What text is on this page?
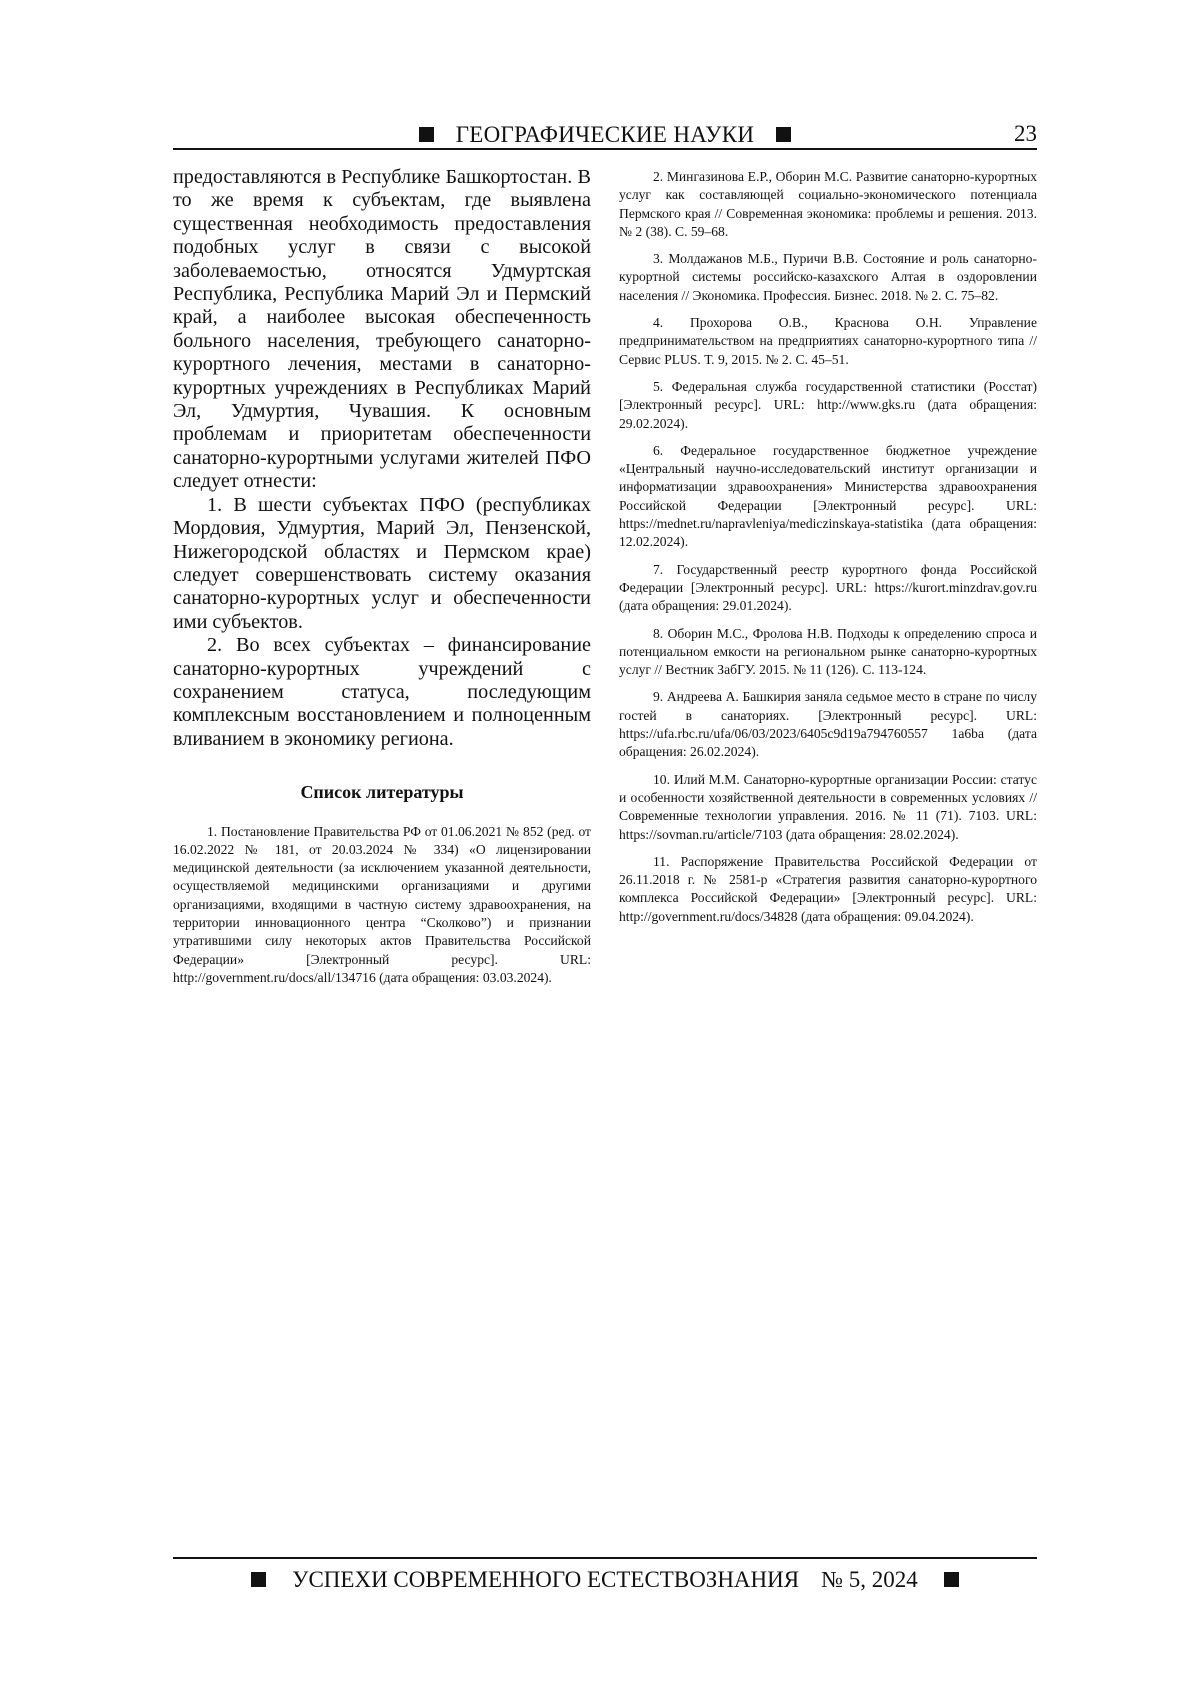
ГЕОГРАФИЧЕСКИЕ НАУКИ	23

предоставляются в Республике Башкортостан. В то же время к субъектам, где выявлена существенная необходимость предоставления подобных услуг в связи с высокой заболеваемостью, относятся Удмуртская Республика, Республика Марий Эл и Пермский край, а наиболее высокая обеспеченность больного населения, требующего санаторно-курортного лечения, местами в санаторно-курортных учреждениях в Республиках Марий Эл, Удмуртия, Чувашия. К основным проблемам и приоритетам обеспеченности санаторно-курортными услугами жителей ПФО следует отнести:

1. В шести субъектах ПФО (республиках Мордовия, Удмуртия, Марий Эл, Пензенской, Нижегородской областях и Пермском крае) следует совершенствовать систему оказания санаторно-курортных услуг и обеспеченности ими субъектов.

2. Во всех субъектах – финансирование санаторно-курортных учреждений с сохранением статуса, последующим комплексным восстановлением и полноценным вливанием в экономику региона.

Список литературы

1. Постановление Правительства РФ от 01.06.2021 № 852 (ред. от 16.02.2022 № 181, от 20.03.2024 № 334) «О лицензировании медицинской деятельности (за исключением указанной деятельности, осуществляемой медицинскими организациями и другими организациями, входящими в частную систему здравоохранения, на территории инновационного центра “Сколково”) и признании утратившими силу некоторых актов Правительства Российской Федерации» [Электронный ресурс]. URL: http://government.ru/docs/all/134716 (дата обращения: 03.03.2024).

2. Мингазинова Е.Р., Оборин М.С. Развитие санаторно-курортных услуг как составляющей социально-экономического потенциала Пермского края // Современная экономика: проблемы и решения. 2013. № 2 (38). С. 59–68.

3. Молдажанов М.Б., Пуричи В.В. Состояние и роль санаторно-курортной системы российско-казахского Алтая в оздоровлении населения // Экономика. Профессия. Бизнес. 2018. № 2. С. 75–82.

4. Прохорова О.В., Краснова О.Н. Управление предпринимательством на предприятиях санаторно-курортного типа // Сервис PLUS. Т. 9, 2015. № 2. С. 45–51.

5. Федеральная служба государственной статистики (Росстат) [Электронный ресурс]. URL: http://www.gks.ru (дата обращения: 29.02.2024).

6. Федеральное государственное бюджетное учреждение «Центральный научно-исследовательский институт организации и информатизации здравоохранения» Министерства здравоохранения Российской Федерации [Электронный ресурс]. URL: https://mednet.ru/napravleniya/mediczinskaya-statistika (дата обращения: 12.02.2024).

7. Государственный реестр курортного фонда Российской Федерации [Электронный ресурс]. URL: https://kurort.minzdrav.gov.ru (дата обращения: 29.01.2024).

8. Оборин М.С., Фролова Н.В. Подходы к определению спроса и потенциальном емкости на региональном рынке санаторно-курортных услуг // Вестник ЗабГУ. 2015. № 11 (126). С. 113-124.

9. Андреева А. Башкирия заняла седьмое место в стране по числу гостей в санаториях. [Электронный ресурс]. URL: https://ufa.rbc.ru/ufa/06/03/2023/6405c9d19a794760557 1a6ba (дата обращения: 26.02.2024).

10. Илий М.М. Санаторно-курортные организации России: статус и особенности хозяйственной деятельности в современных условиях // Современные технологии управления. 2016. № 11 (71). 7103. URL: https://sovman.ru/article/7103 (дата обращения: 28.02.2024).

11. Распоряжение Правительства Российской Федерации от 26.11.2018 г. № 2581-р «Стратегия развития санаторно-курортного комплекса Российской Федерации» [Электронный ресурс]. URL: http://government.ru/docs/34828 (дата обращения: 09.04.2024).

УСПЕХИ СОВРЕМЕННОГО ЕСТЕСТВОЗНАНИЯ № 5, 2024
